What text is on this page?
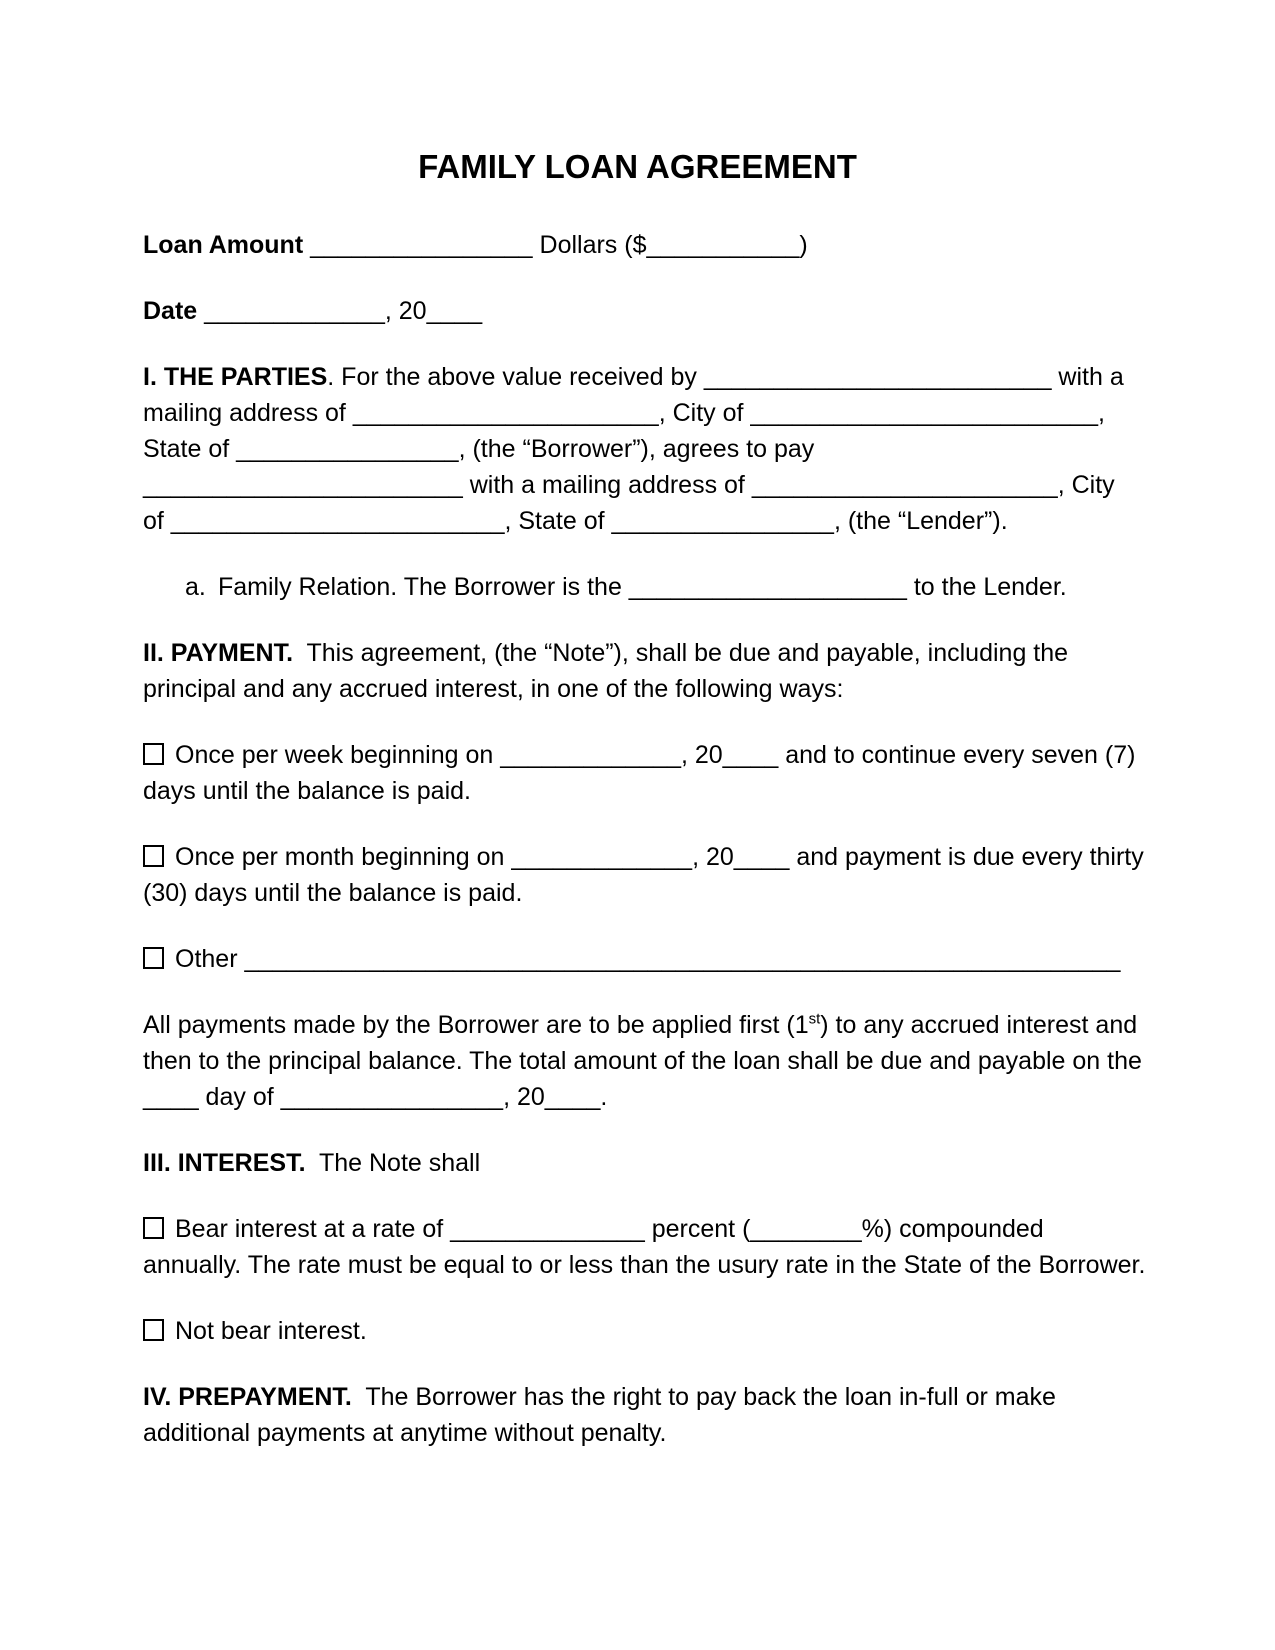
FAMILY LOAN AGREEMENT
Loan Amount ________________ Dollars ($___________)
Date _____________, 20____
I. THE PARTIES. For the above value received by _________________________ with a
mailing address of ______________________, City of _________________________,
State of ________________, (the “Borrower”), agrees to pay
_______________________ with a mailing address of ______________________, City
of ________________________, State of ________________, (the “Lender”).
a. Family Relation. The Borrower is the ____________________ to the Lender.
II. PAYMENT.  This agreement, (the “Note”), shall be due and payable, including the
principal and any accrued interest, in one of the following ways:
Once per week beginning on _____________, 20____ and to continue every seven (7)
days until the balance is paid.
Once per month beginning on _____________, 20____ and payment is due every thirty
(30) days until the balance is paid.
Other _______________________________________________________________
All payments made by the Borrower are to be applied first (1st) to any accrued interest and
then to the principal balance. The total amount of the loan shall be due and payable on the
____ day of ________________, 20____.
III. INTEREST.  The Note shall
Bear interest at a rate of ______________ percent (________%) compounded
annually. The rate must be equal to or less than the usury rate in the State of the Borrower.
Not bear interest.
IV. PREPAYMENT.  The Borrower has the right to pay back the loan in-full or make
additional payments at anytime without penalty.
